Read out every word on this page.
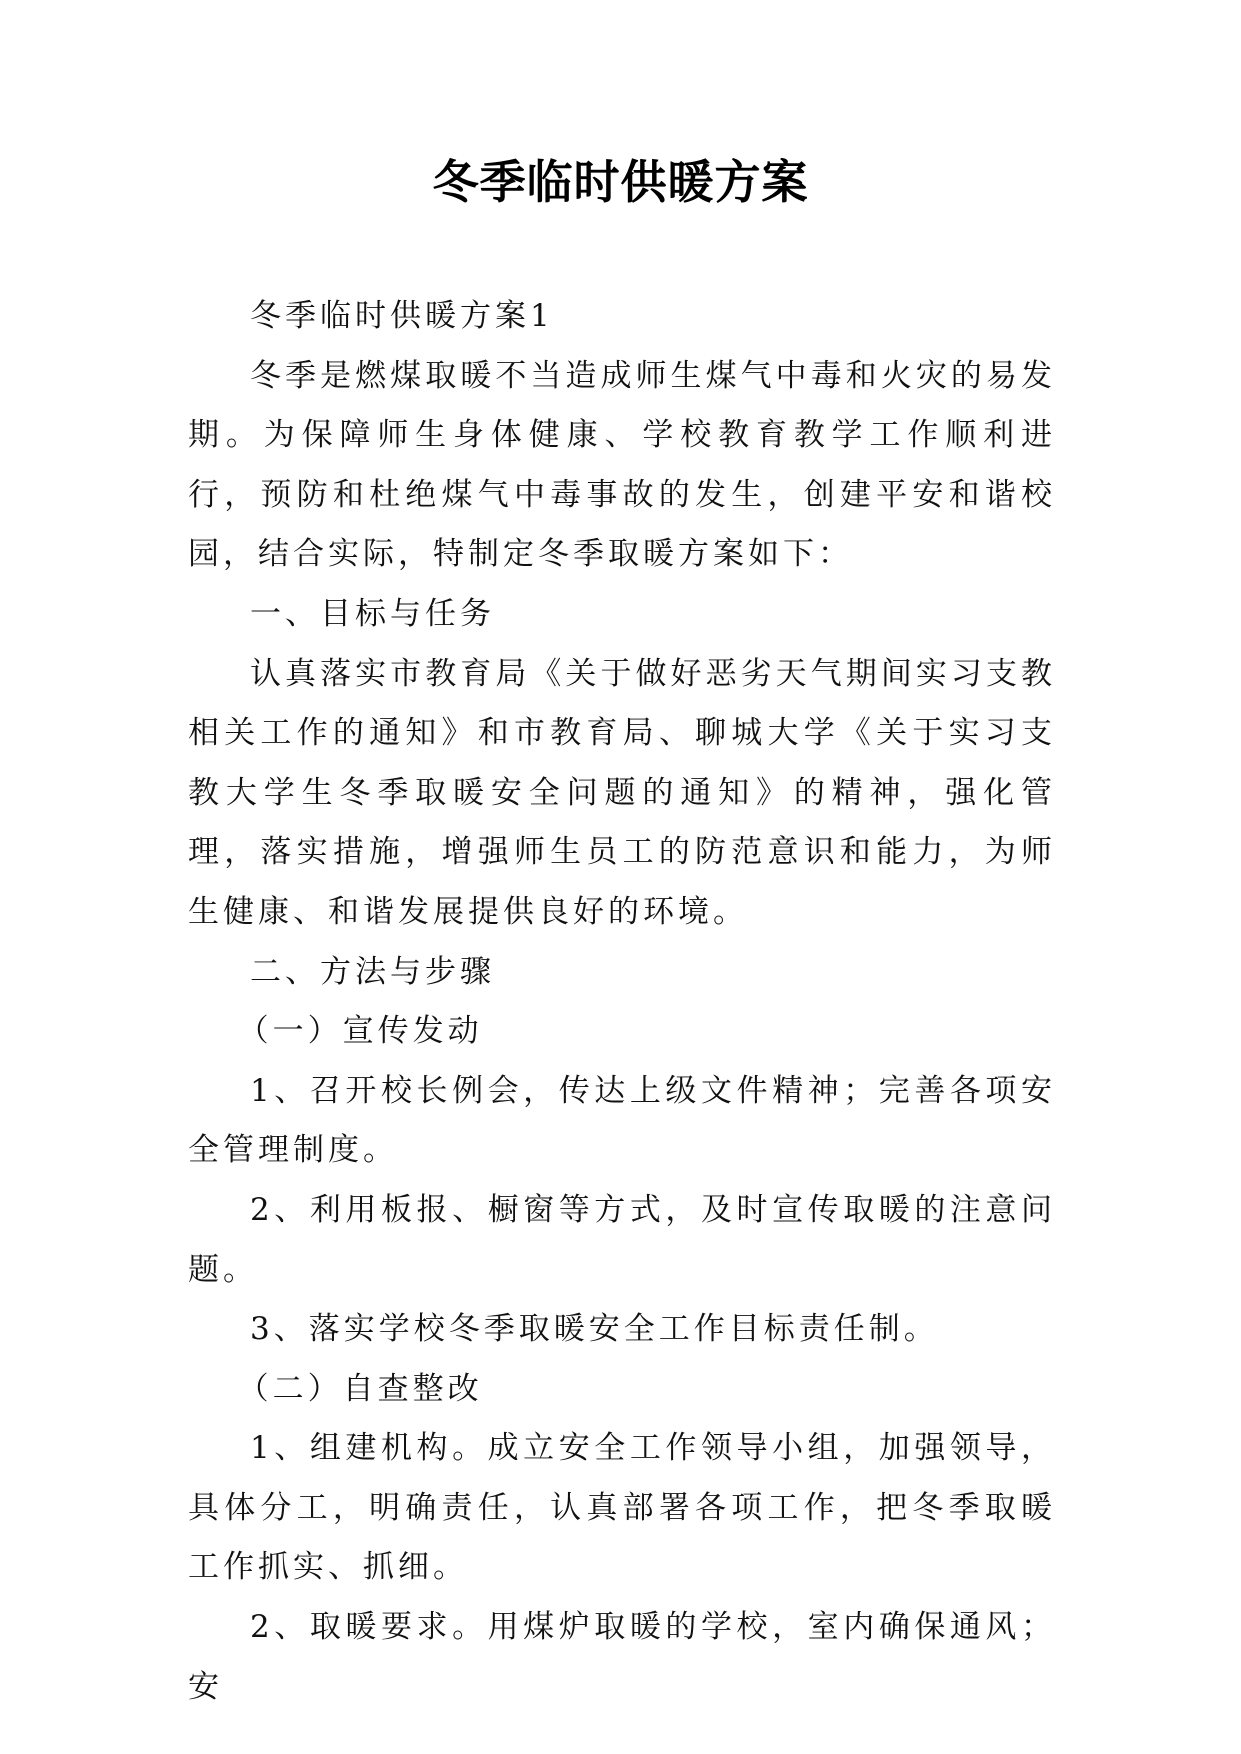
冬季临时供暖方案

冬季临时供暖方案1

冬季是燃煤取暖不当造成师生煤气中毒和火灾的易发期。为保障师生身体健康、学校教育教学工作顺利进行，预防和杜绝煤气中毒事故的发生，创建平安和谐校园，结合实际，特制定冬季取暖方案如下：

一、目标与任务

认真落实市教育局《关于做好恶劣天气期间实习支教相关工作的通知》和市教育局、聊城大学《关于实习支教大学生冬季取暖安全问题的通知》的精神，强化管理，落实措施，增强师生员工的防范意识和能力，为师生健康、和谐发展提供良好的环境。

二、方法与步骤

（一）宣传发动

1、召开校长例会，传达上级文件精神；完善各项安全管理制度。

2、利用板报、橱窗等方式，及时宣传取暖的注意问题。

3、落实学校冬季取暖安全工作目标责任制。

（二）自查整改

1、组建机构。成立安全工作领导小组，加强领导，具体分工，明确责任，认真部署各项工作，把冬季取暖工作抓实、抓细。

2、取暖要求。用煤炉取暖的学校，室内确保通风；安
